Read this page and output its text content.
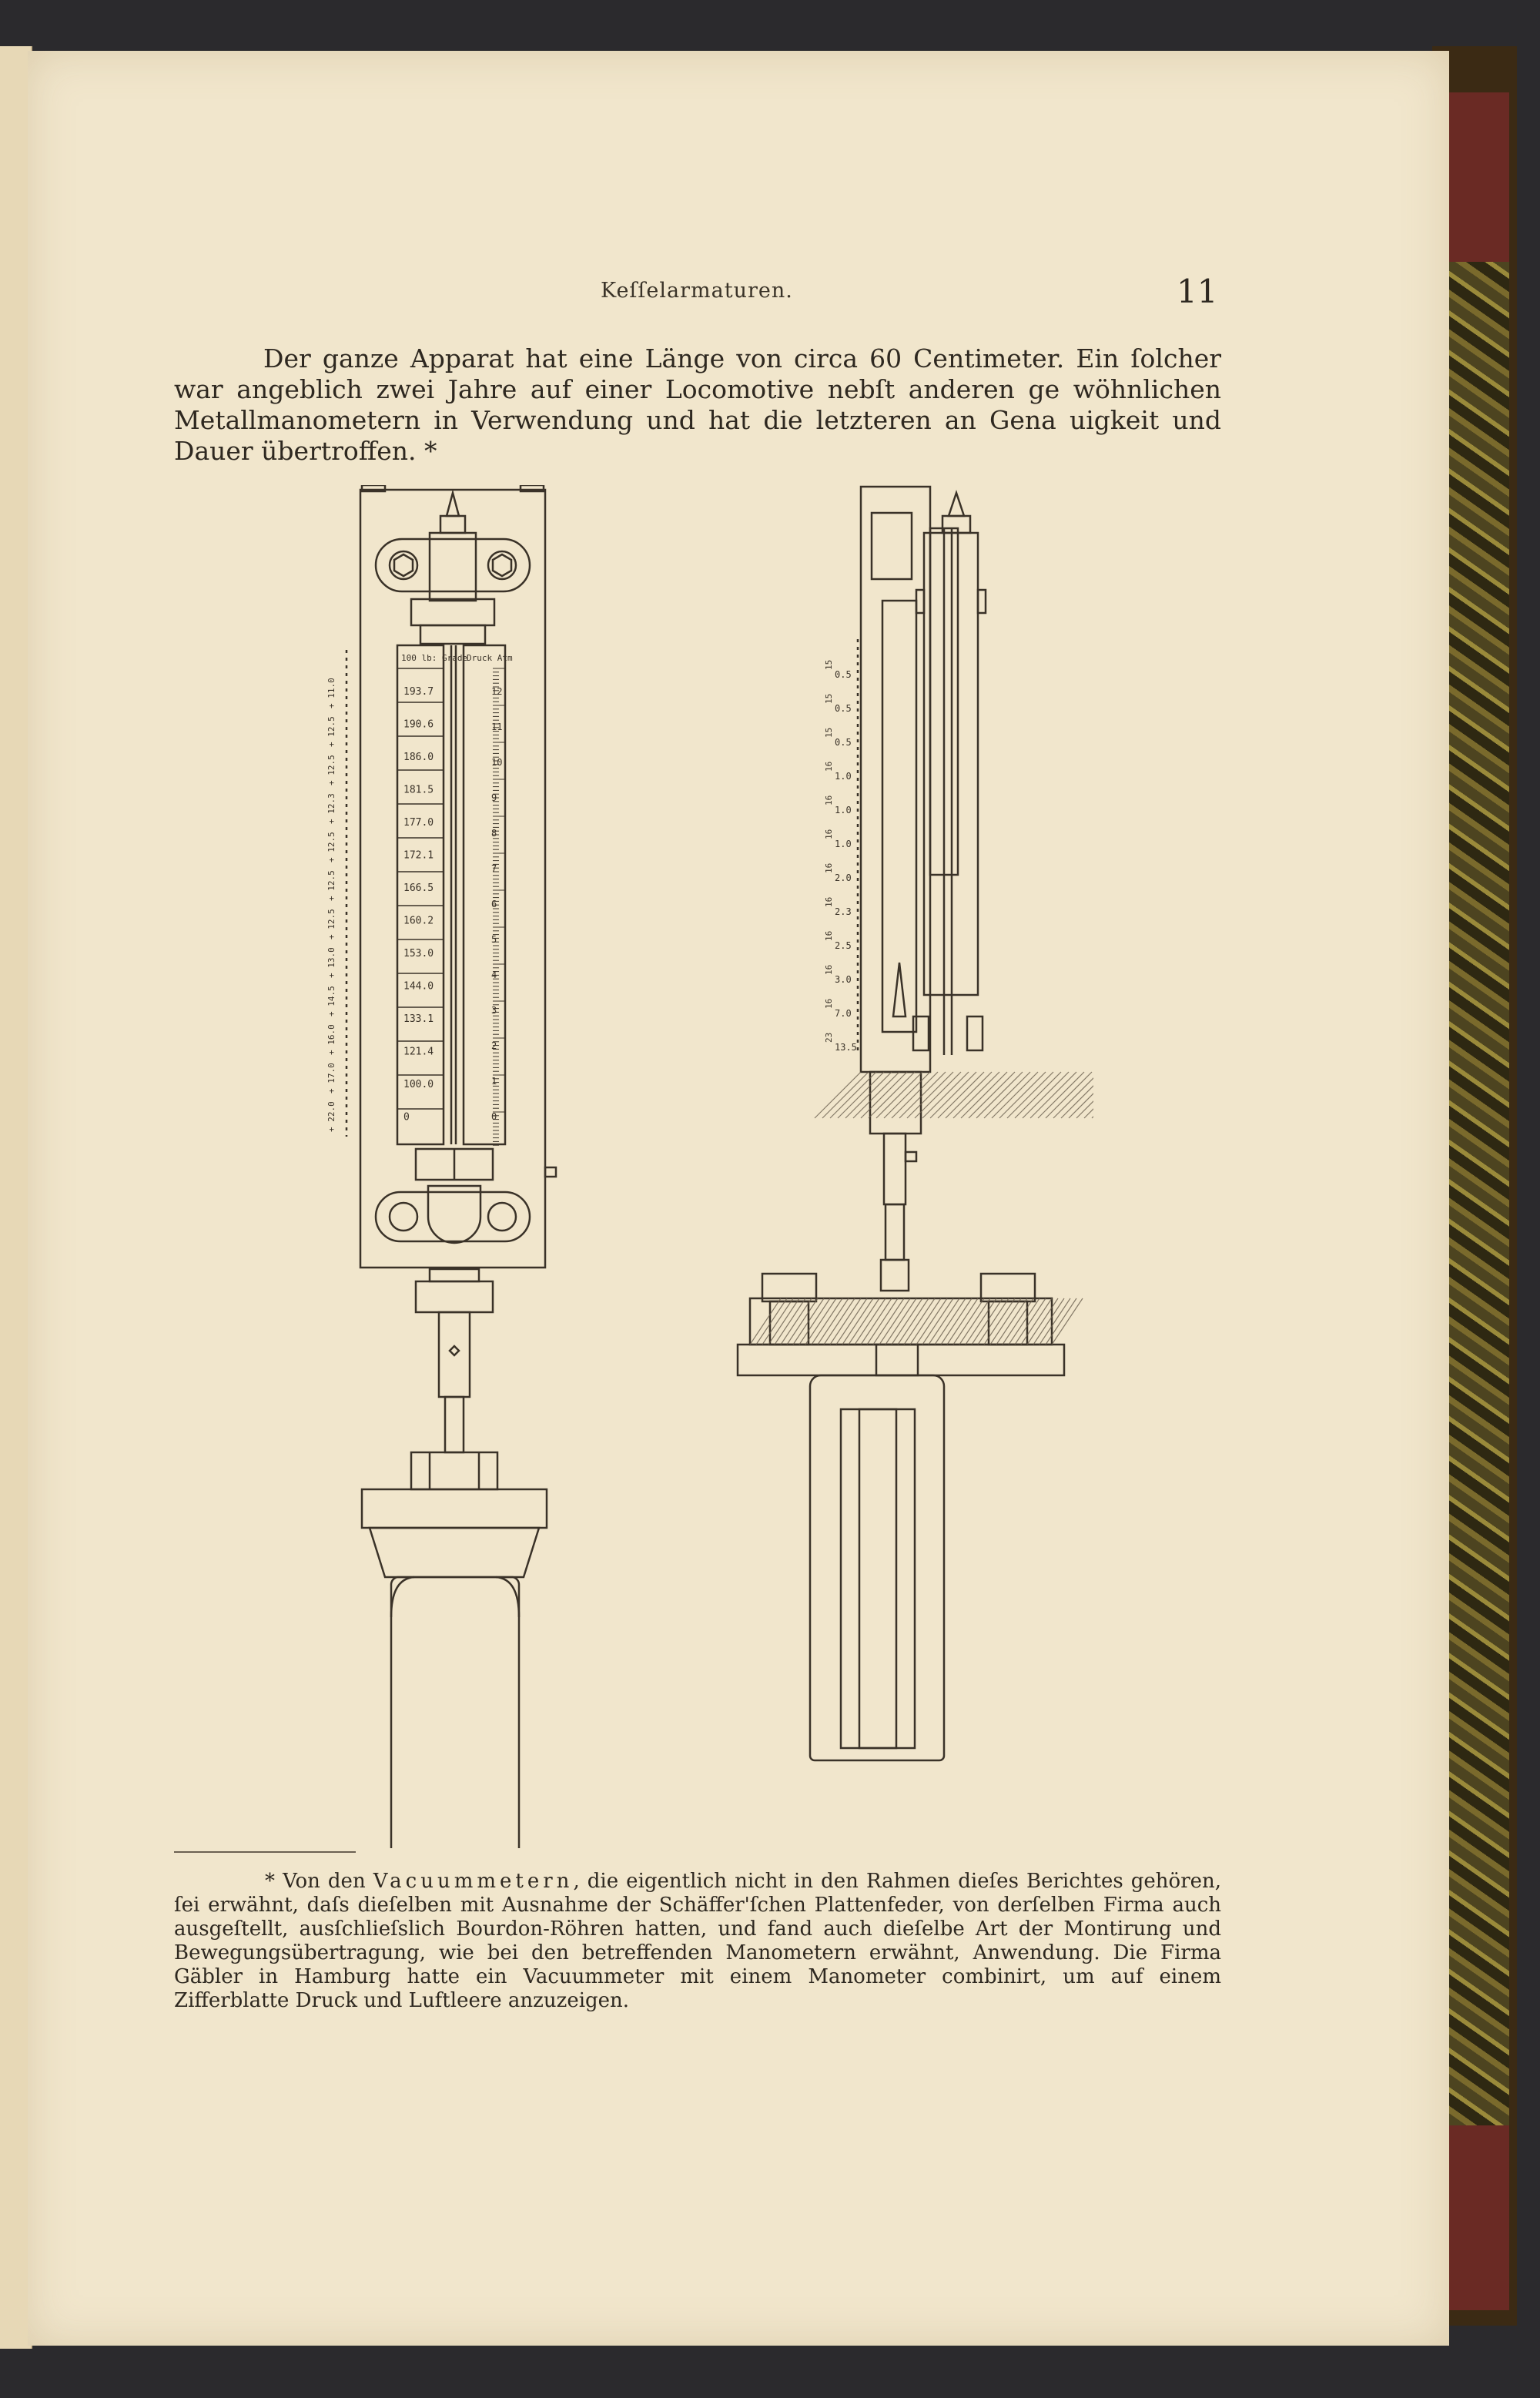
Keſſelarmaturen.	11
Der ganze Apparat hat eine Länge von circa 60 Centimeter. Ein ſolcher war angeblich zwei Jahre auf einer Locomotive nebſt anderen ge wöhnlichen Metallmanometern in Verwendung und hat die letzteren an Gena uigkeit und Dauer übertroffen. *
100 lb: Grade
Druck Atm
193.7
190.6
186.0
181.5
177.0
172.1
166.5
160.2
153.0
144.0
133.1
121.4
100.0
0
12
11
10
9
8
7
6
5
4
3
2
1
0
+ 11.0
+ 12.5
+ 12.5
+ 12.3
+ 12.5
+ 12.5
+ 12.5
+ 13.0
+ 14.5
+ 16.0
+ 17.0
+ 22.0
0.5
0.5
0.5
1.0
1.0
1.0
2.0
2.3
2.5
3.0
7.0
13.5
15
15
15
16
16
16
16
16
16
16
16
23
* Von den Vacuummetern, die eigentlich nicht in den Rahmen dieſes Berichtes gehören, ſei erwähnt, daſs dieſelben mit Ausnahme der Schäffer'ſchen Plattenfeder, von derſelben Firma auch ausgeſtellt, ausſchlieſslich Bourdon-Röhren hatten, und fand auch dieſelbe Art der Montirung und Bewegungsübertragung, wie bei den betreffenden Manometern erwähnt, Anwendung. Die Firma Gäbler in Hamburg hatte ein Vacuummeter mit einem Manometer combinirt, um auf einem Zifferblatte Druck und Luftleere anzuzeigen.
